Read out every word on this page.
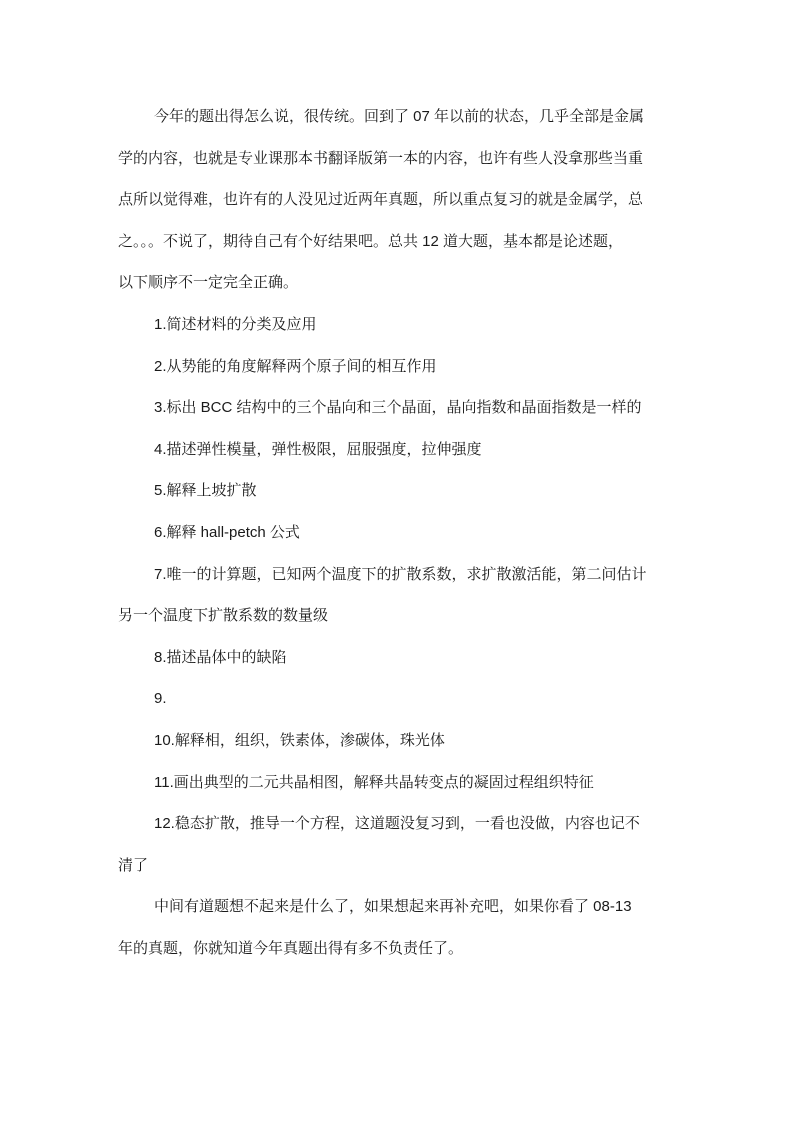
今年的题出得怎么说，很传统。回到了 07 年以前的状态，几乎全部是金属
学的内容，也就是专业课那本书翻译版第一本的内容，也许有些人没拿那些当重
点所以觉得难，也许有的人没见过近两年真题，所以重点复习的就是金属学，总
之。。。不说了，期待自己有个好结果吧。总共 12 道大题，基本都是论述题，
以下顺序不一定完全正确。
1.简述材料的分类及应用
2.从势能的角度解释两个原子间的相互作用
3.标出 BCC 结构中的三个晶向和三个晶面，晶向指数和晶面指数是一样的
4.描述弹性模量，弹性极限，屈服强度，拉伸强度
5.解释上坡扩散
6.解释 hall-petch 公式
7.唯一的计算题，已知两个温度下的扩散系数，求扩散激活能，第二问估计
另一个温度下扩散系数的数量级
8.描述晶体中的缺陷
9.
10.解释相，组织，铁素体，渗碳体，珠光体
11.画出典型的二元共晶相图，解释共晶转变点的凝固过程组织特征
12.稳态扩散，推导一个方程，这道题没复习到，一看也没做，内容也记不
清了
中间有道题想不起来是什么了，如果想起来再补充吧，如果你看了 08-13
年的真题，你就知道今年真题出得有多不负责任了。
